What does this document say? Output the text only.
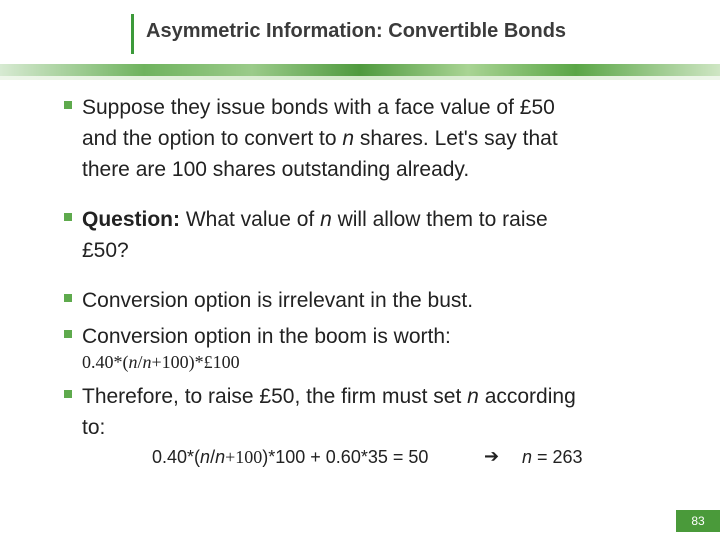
Asymmetric Information: Convertible Bonds
Suppose they issue bonds with a face value of £50
and the option to convert to n shares. Let's say that
there are 100 shares outstanding already.
Question: What value of n will allow them to raise
£50?
Conversion option is irrelevant in the bust.
Conversion option in the boom is worth:
0.40*(n/n+100)*£100
Therefore, to raise £50, the firm must set n according
to:
0.40*(n/n+100)*100 + 0.60*35 = 50	➔ n = 263
83
